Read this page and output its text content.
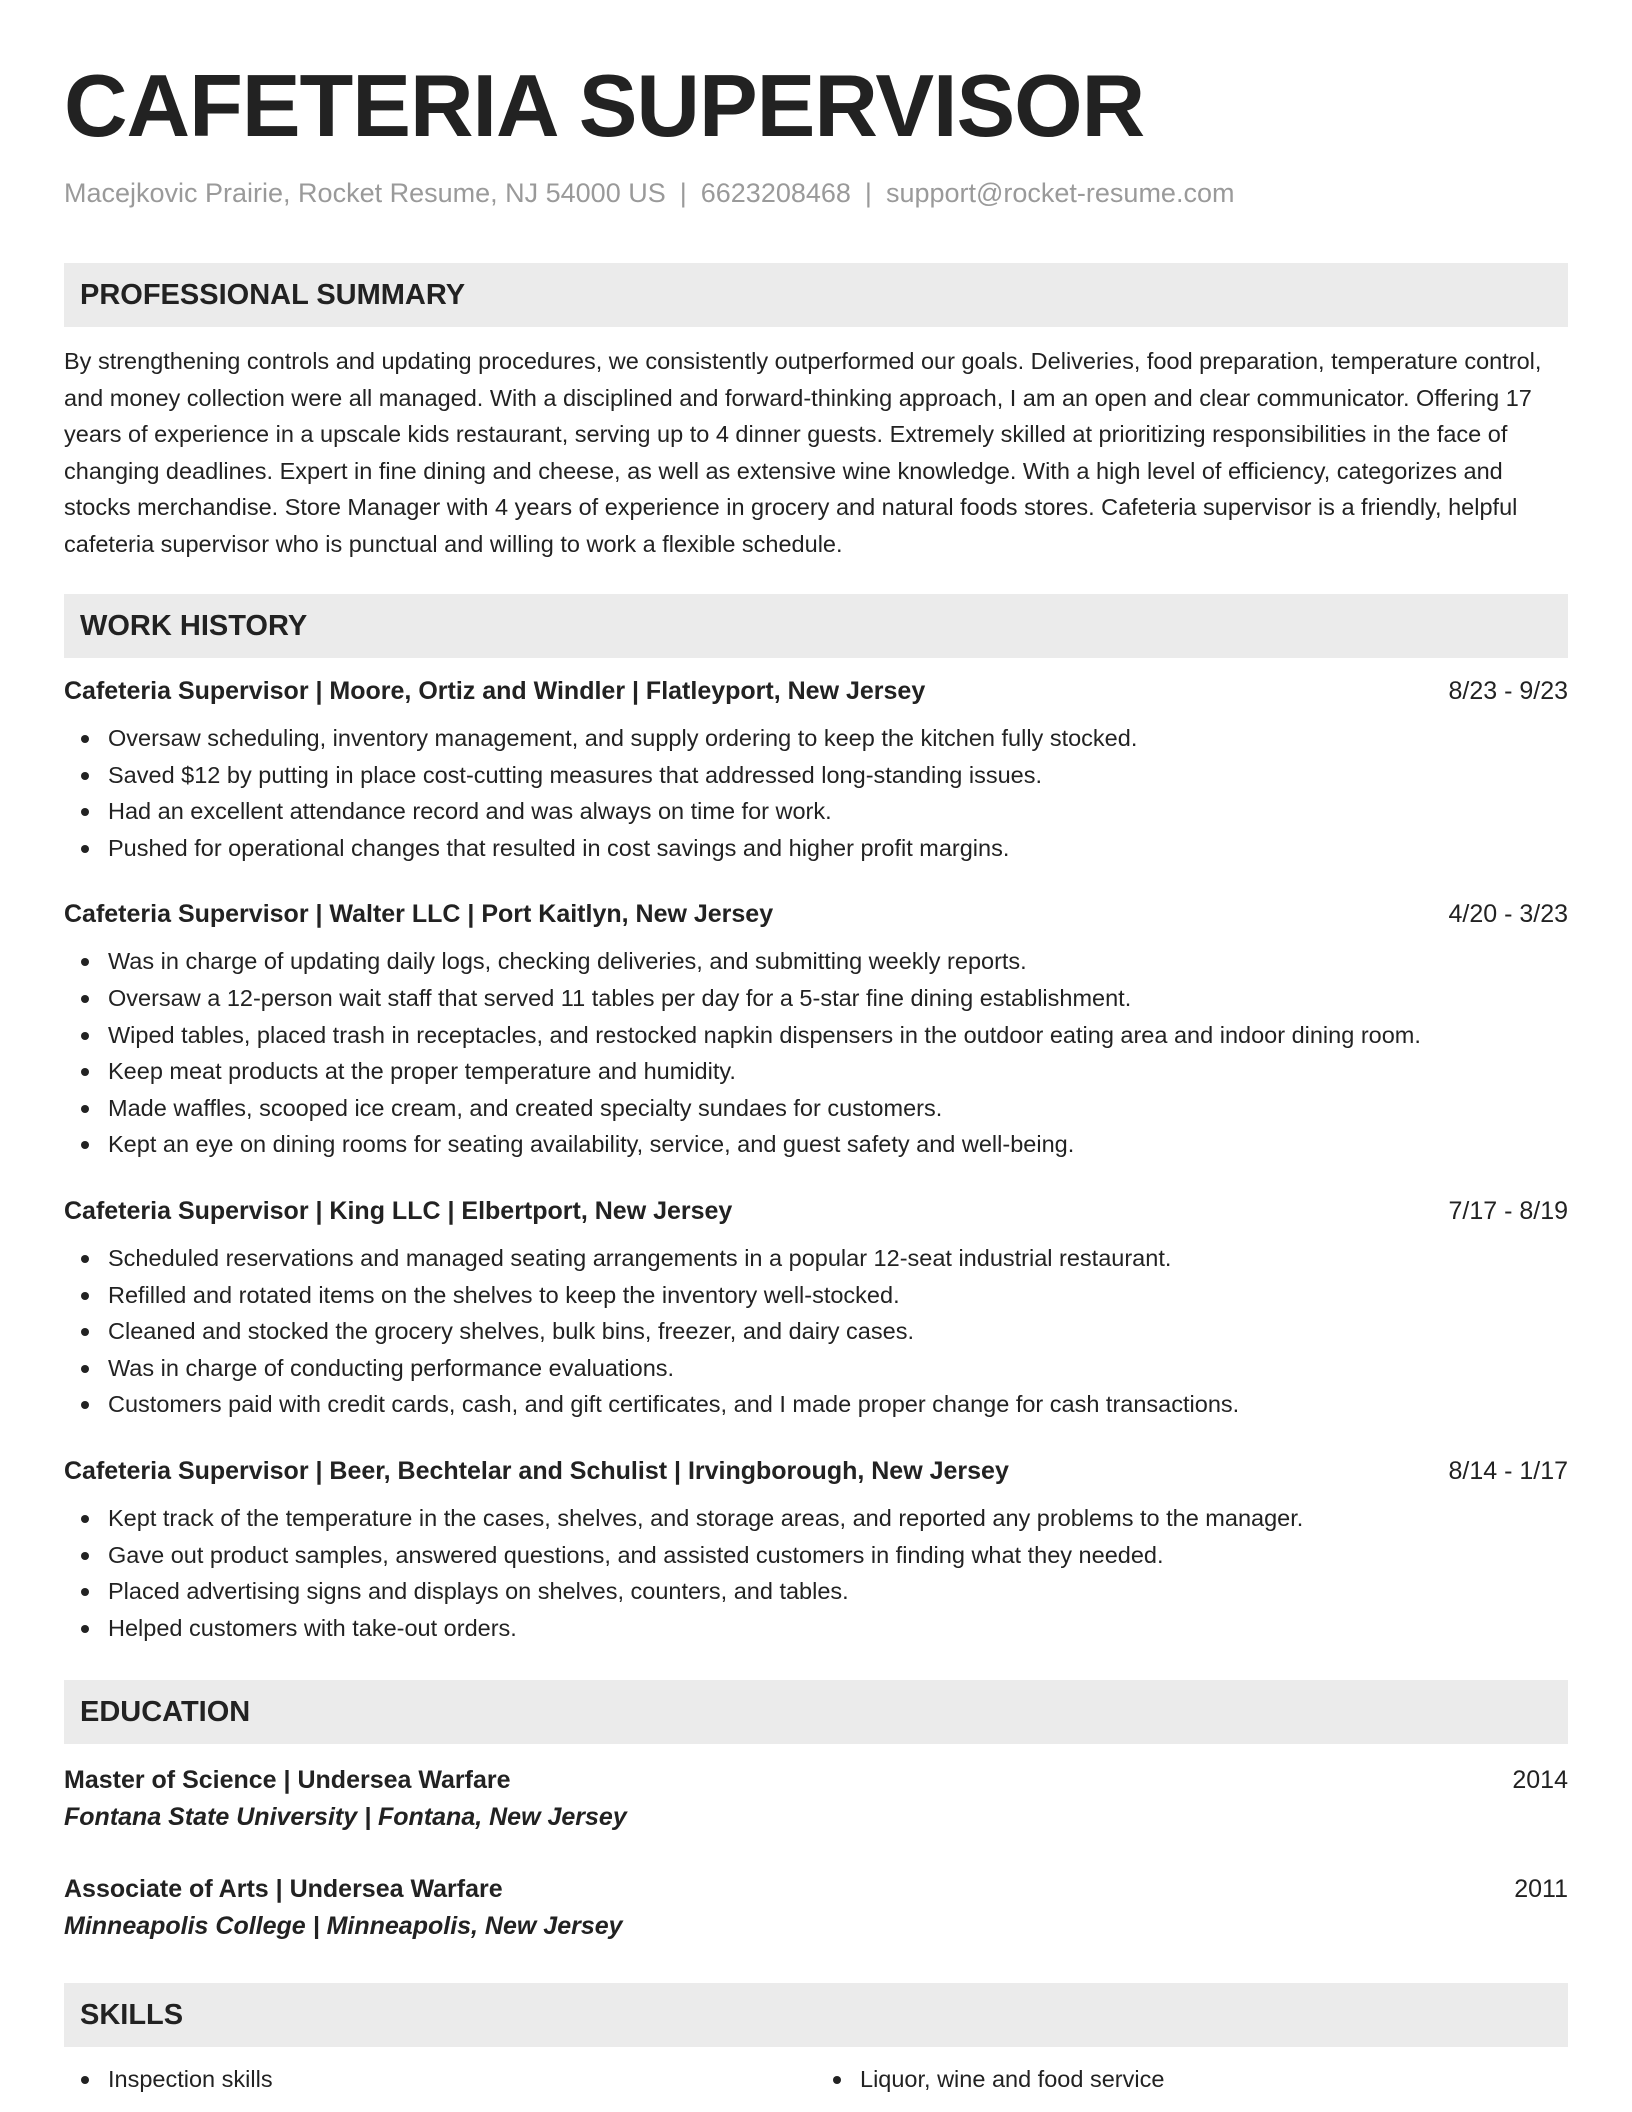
CAFETERIA SUPERVISOR
Macejkovic Prairie, Rocket Resume, NJ 54000 US | 6623208468 | support@rocket-resume.com
PROFESSIONAL SUMMARY

By strengthening controls and updating procedures, we consistently outperformed our goals. Deliveries, food preparation, temperature control, and money collection were all managed. With a disciplined and forward-thinking approach, I am an open and clear communicator. Offering 17 years of experience in a upscale kids restaurant, serving up to 4 dinner guests. Extremely skilled at prioritizing responsibilities in the face of changing deadlines. Expert in fine dining and cheese, as well as extensive wine knowledge. With a high level of efficiency, categorizes and stocks merchandise. Store Manager with 4 years of experience in grocery and natural foods stores. Cafeteria supervisor is a friendly, helpful cafeteria supervisor who is punctual and willing to work a flexible schedule.

WORK HISTORY
Cafeteria Supervisor | Moore, Ortiz and Windler | Flatleyport, New Jersey	8/23 - 9/23
Oversaw scheduling, inventory management, and supply ordering to keep the kitchen fully stocked.
Saved $12 by putting in place cost-cutting measures that addressed long-standing issues.
Had an excellent attendance record and was always on time for work.
Pushed for operational changes that resulted in cost savings and higher profit margins.
Cafeteria Supervisor | Walter LLC | Port Kaitlyn, New Jersey	4/20 - 3/23
Was in charge of updating daily logs, checking deliveries, and submitting weekly reports.
Oversaw a 12-person wait staff that served 11 tables per day for a 5-star fine dining establishment.
Wiped tables, placed trash in receptacles, and restocked napkin dispensers in the outdoor eating area and indoor dining room.
Keep meat products at the proper temperature and humidity.
Made waffles, scooped ice cream, and created specialty sundaes for customers.
Kept an eye on dining rooms for seating availability, service, and guest safety and well-being.
Cafeteria Supervisor | King LLC | Elbertport, New Jersey	7/17 - 8/19
Scheduled reservations and managed seating arrangements in a popular 12-seat industrial restaurant.
Refilled and rotated items on the shelves to keep the inventory well-stocked.
Cleaned and stocked the grocery shelves, bulk bins, freezer, and dairy cases.
Was in charge of conducting performance evaluations.
Customers paid with credit cards, cash, and gift certificates, and I made proper change for cash transactions.
Cafeteria Supervisor | Beer, Bechtelar and Schulist | Irvingborough, New Jersey	8/14 - 1/17
Kept track of the temperature in the cases, shelves, and storage areas, and reported any problems to the manager.
Gave out product samples, answered questions, and assisted customers in finding what they needed.
Placed advertising signs and displays on shelves, counters, and tables.
Helped customers with take-out orders.
EDUCATION
Master of Science | Undersea Warfare	2014
Fontana State University | Fontana, New Jersey
Associate of Arts | Undersea Warfare	2011
Minneapolis College | Minneapolis, New Jersey
SKILLS
Inspection skills	Liquor, wine and food service
